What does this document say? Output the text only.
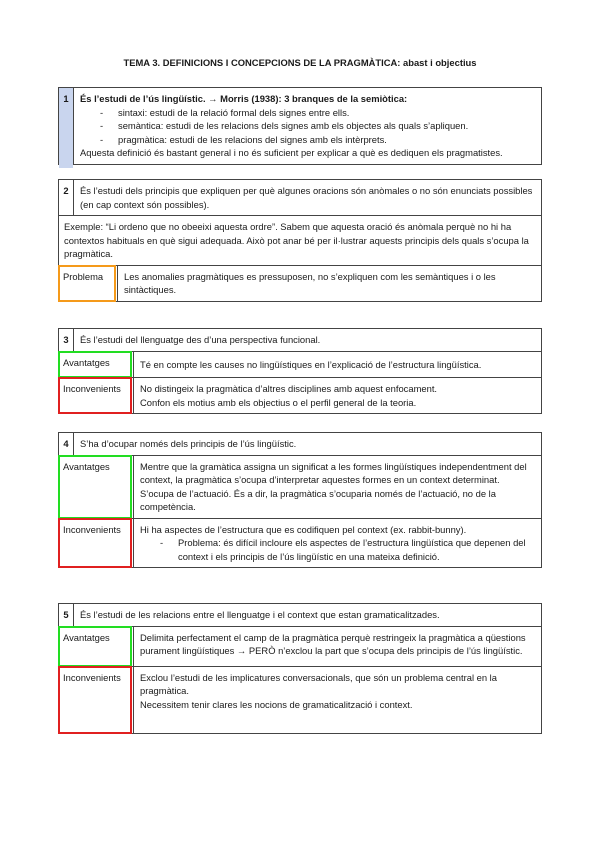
TEMA 3. DEFINICIONS I CONCEPCIONS DE LA PRAGMÀTICA: abast i objectius
1	És l’estudi de l’ús lingüístic. → Morris (1938): 3 branques de la semiòtica:

- sintaxi: estudi de la relació formal dels signes entre ells.
- semàntica: estudi de les relacions dels signes amb els objectes als quals s’apliquen.
- pragmàtica: estudi de les relacions del signes amb els intèrprets.

Aquesta definició és bastant general i no és suficient per explicar a què es dediquen els pragmatistes.

2	És l’estudi dels principis que expliquen per què algunes oracions són anòmales o no són enunciats possibles (en cap context són possibles).
Exemple: “Li ordeno que no obeeixi aquesta ordre”. Sabem que aquesta oració és anòmala perquè no hi ha contextos habituals en què sigui adequada. Això pot anar bé per il·lustrar aquests principis dels quals s’ocupa la pragmàtica.
Problema	Les anomalies pragmàtiques es pressuposen, no s’expliquen com les semàntiques i o les sintàctiques.
3	És l’estudi del llenguatge des d’una perspectiva funcional.
Avantatges	Té en compte les causes no lingüístiques en l’explicació de l’estructura lingüística.
Inconvenients	No distingeix la pragmàtica d’altres disciplines amb aquest enfocament.

Confon els motius amb els objectius o el perfil general de la teoria.

4	S’ha d’ocupar només dels principis de l’ús lingüístic.
Avantatges	Mentre que la gramàtica assigna un significat a les formes lingüístiques independentment del context, la pragmàtica s’ocupa d’interpretar aquestes formes en un context determinat.

S’ocupa de l’actuació. És a dir, la pragmàtica s’ocuparia només de l’actuació, no de la competència.

Inconvenients	Hi ha aspectes de l’estructura que es codifiquen pel context (ex. rabbit-bunny).

- Problema: és difícil incloure els aspectes de l’estructura lingüística que depenen del context i els principis de l’ús lingüístic en una mateixa definició.
5	És l’estudi de les relacions entre el llenguatge i el context que estan gramaticalitzades.
Avantatges	Delimita perfectament el camp de la pragmàtica perquè restringeix la pragmàtica a qüestions purament lingüístiques → PERÒ n’exclou la part que s’ocupa dels principis de l’ús lingüístic.
Inconvenients	Exclou l’estudi de les implicatures conversacionals, que són un problema central en la pragmàtica.

Necessitem tenir clares les nocions de gramaticalització i context.
